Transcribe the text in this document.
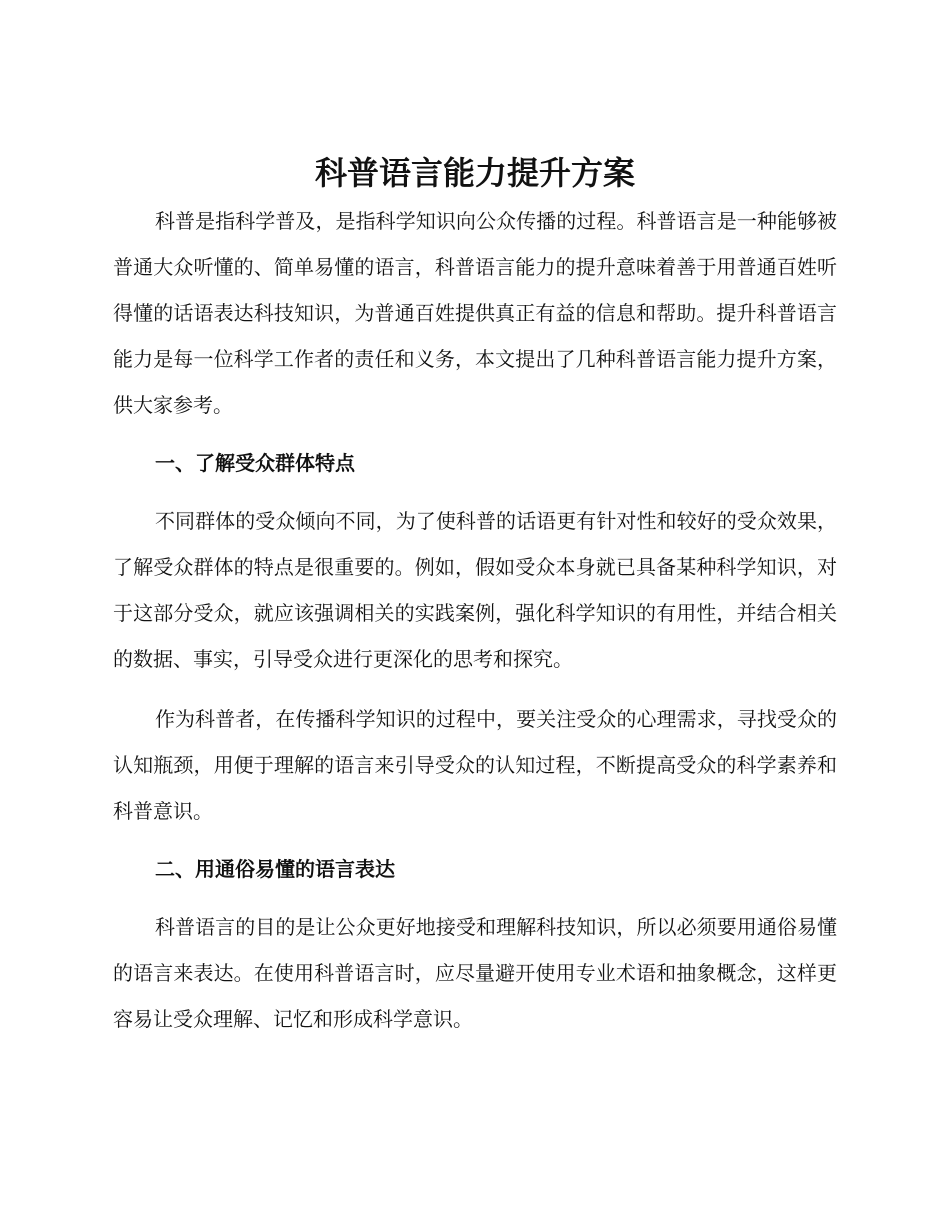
科普语言能力提升方案

科普是指科学普及，是指科学知识向公众传播的过程。科普语言是一种能够被普通大众听懂的、简单易懂的语言，科普语言能力的提升意味着善于用普通百姓听得懂的话语表达科技知识，为普通百姓提供真正有益的信息和帮助。提升科普语言能力是每一位科学工作者的责任和义务，本文提出了几种科普语言能力提升方案，供大家参考。

一、了解受众群体特点

不同群体的受众倾向不同，为了使科普的话语更有针对性和较好的受众效果，了解受众群体的特点是很重要的。例如，假如受众本身就已具备某种科学知识，对于这部分受众，就应该强调相关的实践案例，强化科学知识的有用性，并结合相关的数据、事实，引导受众进行更深化的思考和探究。

作为科普者，在传播科学知识的过程中，要关注受众的心理需求，寻找受众的认知瓶颈，用便于理解的语言来引导受众的认知过程，不断提高受众的科学素养和科普意识。

二、用通俗易懂的语言表达

科普语言的目的是让公众更好地接受和理解科技知识，所以必须要用通俗易懂的语言来表达。在使用科普语言时，应尽量避开使用专业术语和抽象概念，这样更容易让受众理解、记忆和形成科学意识。
